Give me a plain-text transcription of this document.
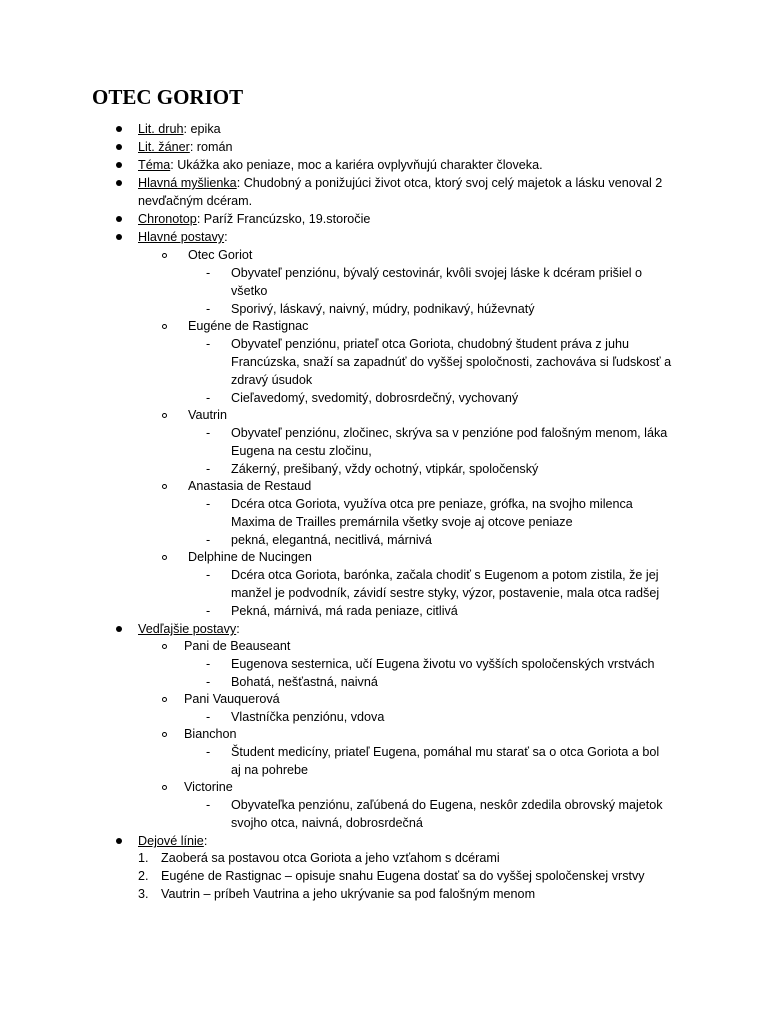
OTEC GORIOT
Lit. druh: epika
Lit. žáner: román
Téma: Ukážka ako peniaze, moc a kariéra ovplyvňujú charakter človeka.
Hlavná myšlienka: Chudobný a ponižujúci život otca, ktorý svoj celý majetok a lásku venoval 2
nevďačným dcéram.
Chronotop: Paríž Francúzsko, 19.storočie
Hlavné postavy:
Otec Goriot
- Obyvateľ penziónu, bývalý cestovinár, kvôli svojej láske k dcéram prišiel o
všetko
- Sporivý, láskavý, naivný, múdry, podnikavý, húževnatý
Eugéne de Rastignac
- Obyvateľ penziónu, priateľ otca Goriota, chudobný študent práva z juhu
Francúzska, snaží sa zapadnúť do vyššej spoločnosti, zachováva si ľudskosť a
zdravý úsudok
- Cieľavedomý, svedomitý, dobrosrdečný, vychovaný
Vautrin
- Obyvateľ penziónu, zločinec, skrýva sa v penzióne pod falošným menom, láka
Eugena na cestu zločinu,
- Zákerný, prešibaný, vždy ochotný, vtipkár, spoločenský
Anastasia de Restaud
- Dcéra otca Goriota, využíva otca pre peniaze, grófka, na svojho milenca
Maxima de Trailles premárnila všetky svoje aj otcove peniaze
- pekná, elegantná, necitlivá, márnivá
Delphine de Nucingen
- Dcéra otca Goriota, barónka, začala chodiť s Eugenom a potom zistila, že jej
manžel je podvodník, závidí sestre styky, výzor, postavenie, mala otca radšej
- Pekná, márnivá, má rada peniaze, citlivá
Vedľajšie postavy:
Pani de Beauseant
- Eugenova sesternica, učí Eugena životu vo vyšších spoločenských vrstvách
- Bohatá, nešťastná, naivná
Pani Vauquerová
- Vlastníčka penziónu, vdova
Bianchon
- Študent medicíny, priateľ Eugena, pomáhal mu starať sa o otca Goriota a bol
aj na pohrebe
Victorine
- Obyvateľka penziónu, zaľúbená do Eugena, neskôr zdedila obrovský majetok
svojho otca, naivná, dobrosrdečná
Dejové línie:
1. Zaoberá sa postavou otca Goriota a jeho vzťahom s dcérami
2. Eugéne de Rastignac – opisuje snahu Eugena dostať sa do vyššej spoločenskej vrstvy
3. Vautrin – príbeh Vautrina a jeho ukrývanie sa pod falošným menom
